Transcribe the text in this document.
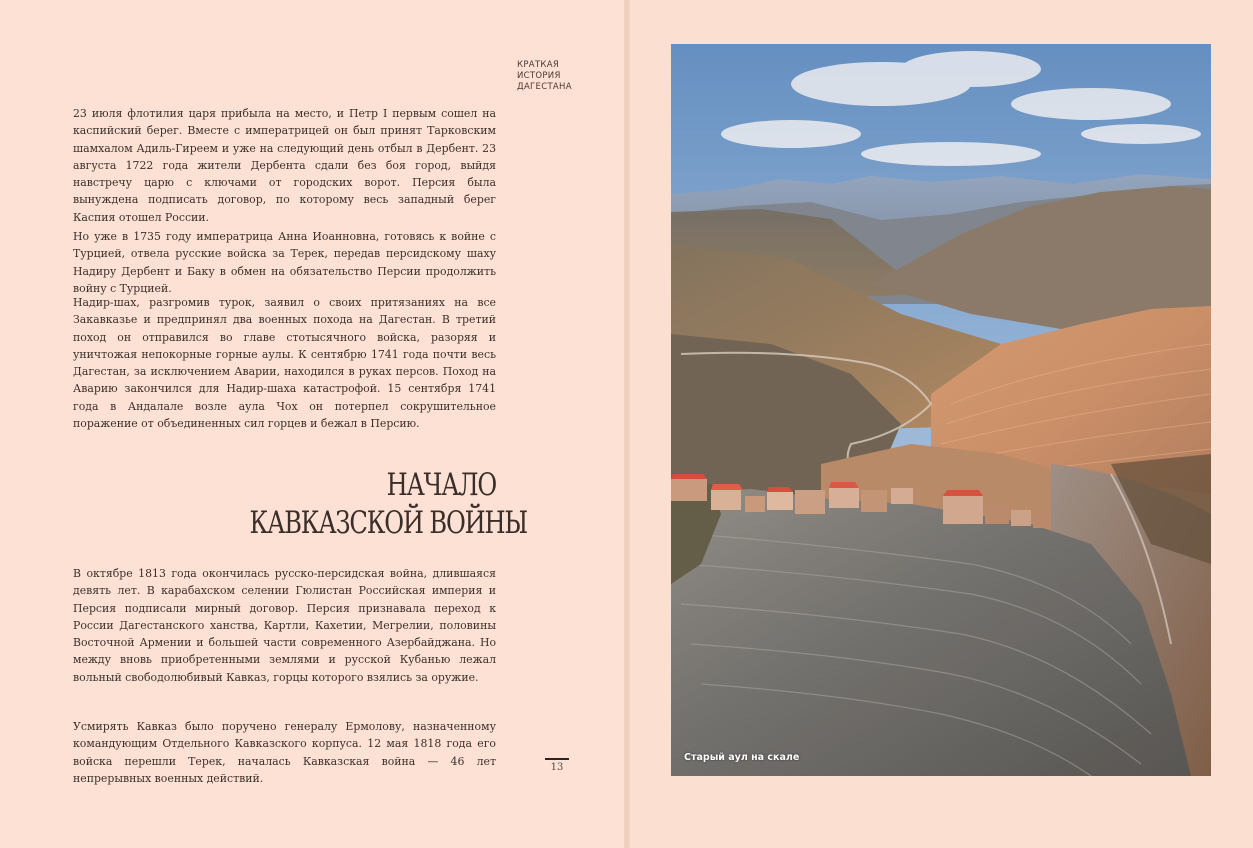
КРАТКАЯ
ИСТОРИЯ
ДАГЕСТАНА

23 июля флотилия царя прибыла на место, и Петр I первым сошел на каспийский берег. Вместе с императрицей он был принят Тарковским шамхалом Адиль-Гиреем и уже на следующий день отбыл в Дербент. 23 августа 1722 года жители Дербента сдали без боя город, выйдя навстречу царю с ключами от городских ворот. Персия была вынуждена подписать договор, по которому весь западный берег Каспия отошел России.

Но уже в 1735 году императрица Анна Иоанновна, готовясь к войне с Турцией, отвела русские войска за Терек, передав персидскому шаху Надиру Дербент и Баку в обмен на обязательство Персии продолжить войну с Турцией.

Надир-шах, разгромив турок, заявил о своих притязаниях на все Закавказье и предпринял два военных похода на Дагестан. В третий поход он отправился во главе стотысячного войска, разоряя и уничтожая непокорные горные аулы. К сентябрю 1741 года почти весь Дагестан, за исключением Аварии, находился в руках персов. Поход на Аварию закончился для Надир-шаха катастрофой. 15 сентября 1741 года в Андалале возле аула Чох он потерпел сокрушительное поражение от объединенных сил горцев и бежал в Персию.

НАЧАЛО
КАВКАЗСКОЙ ВОЙНЫ

В октябре 1813 года окончилась русско-персидская война, длившаяся девять лет. В карабахском селении Гюлистан Российская империя и Персия подписали мирный договор. Персия признавала переход к России Дагестанского ханства, Картли, Кахетии, Мегрелии, половины Восточной Армении и большей части современного Азербайджана. Но между вновь приобретенными землями и русской Кубанью лежал вольный свободолюбивый Кавказ, горцы которого взялись за оружие.

Усмирять Кавказ было поручено генералу Ермолову, назначенному командующим Отдельного Кавказского корпуса. 12 мая 1818 года его войска перешли Терек, началась Кавказская война — 46 лет непрерывных военных действий.

13
Старый аул на скале
